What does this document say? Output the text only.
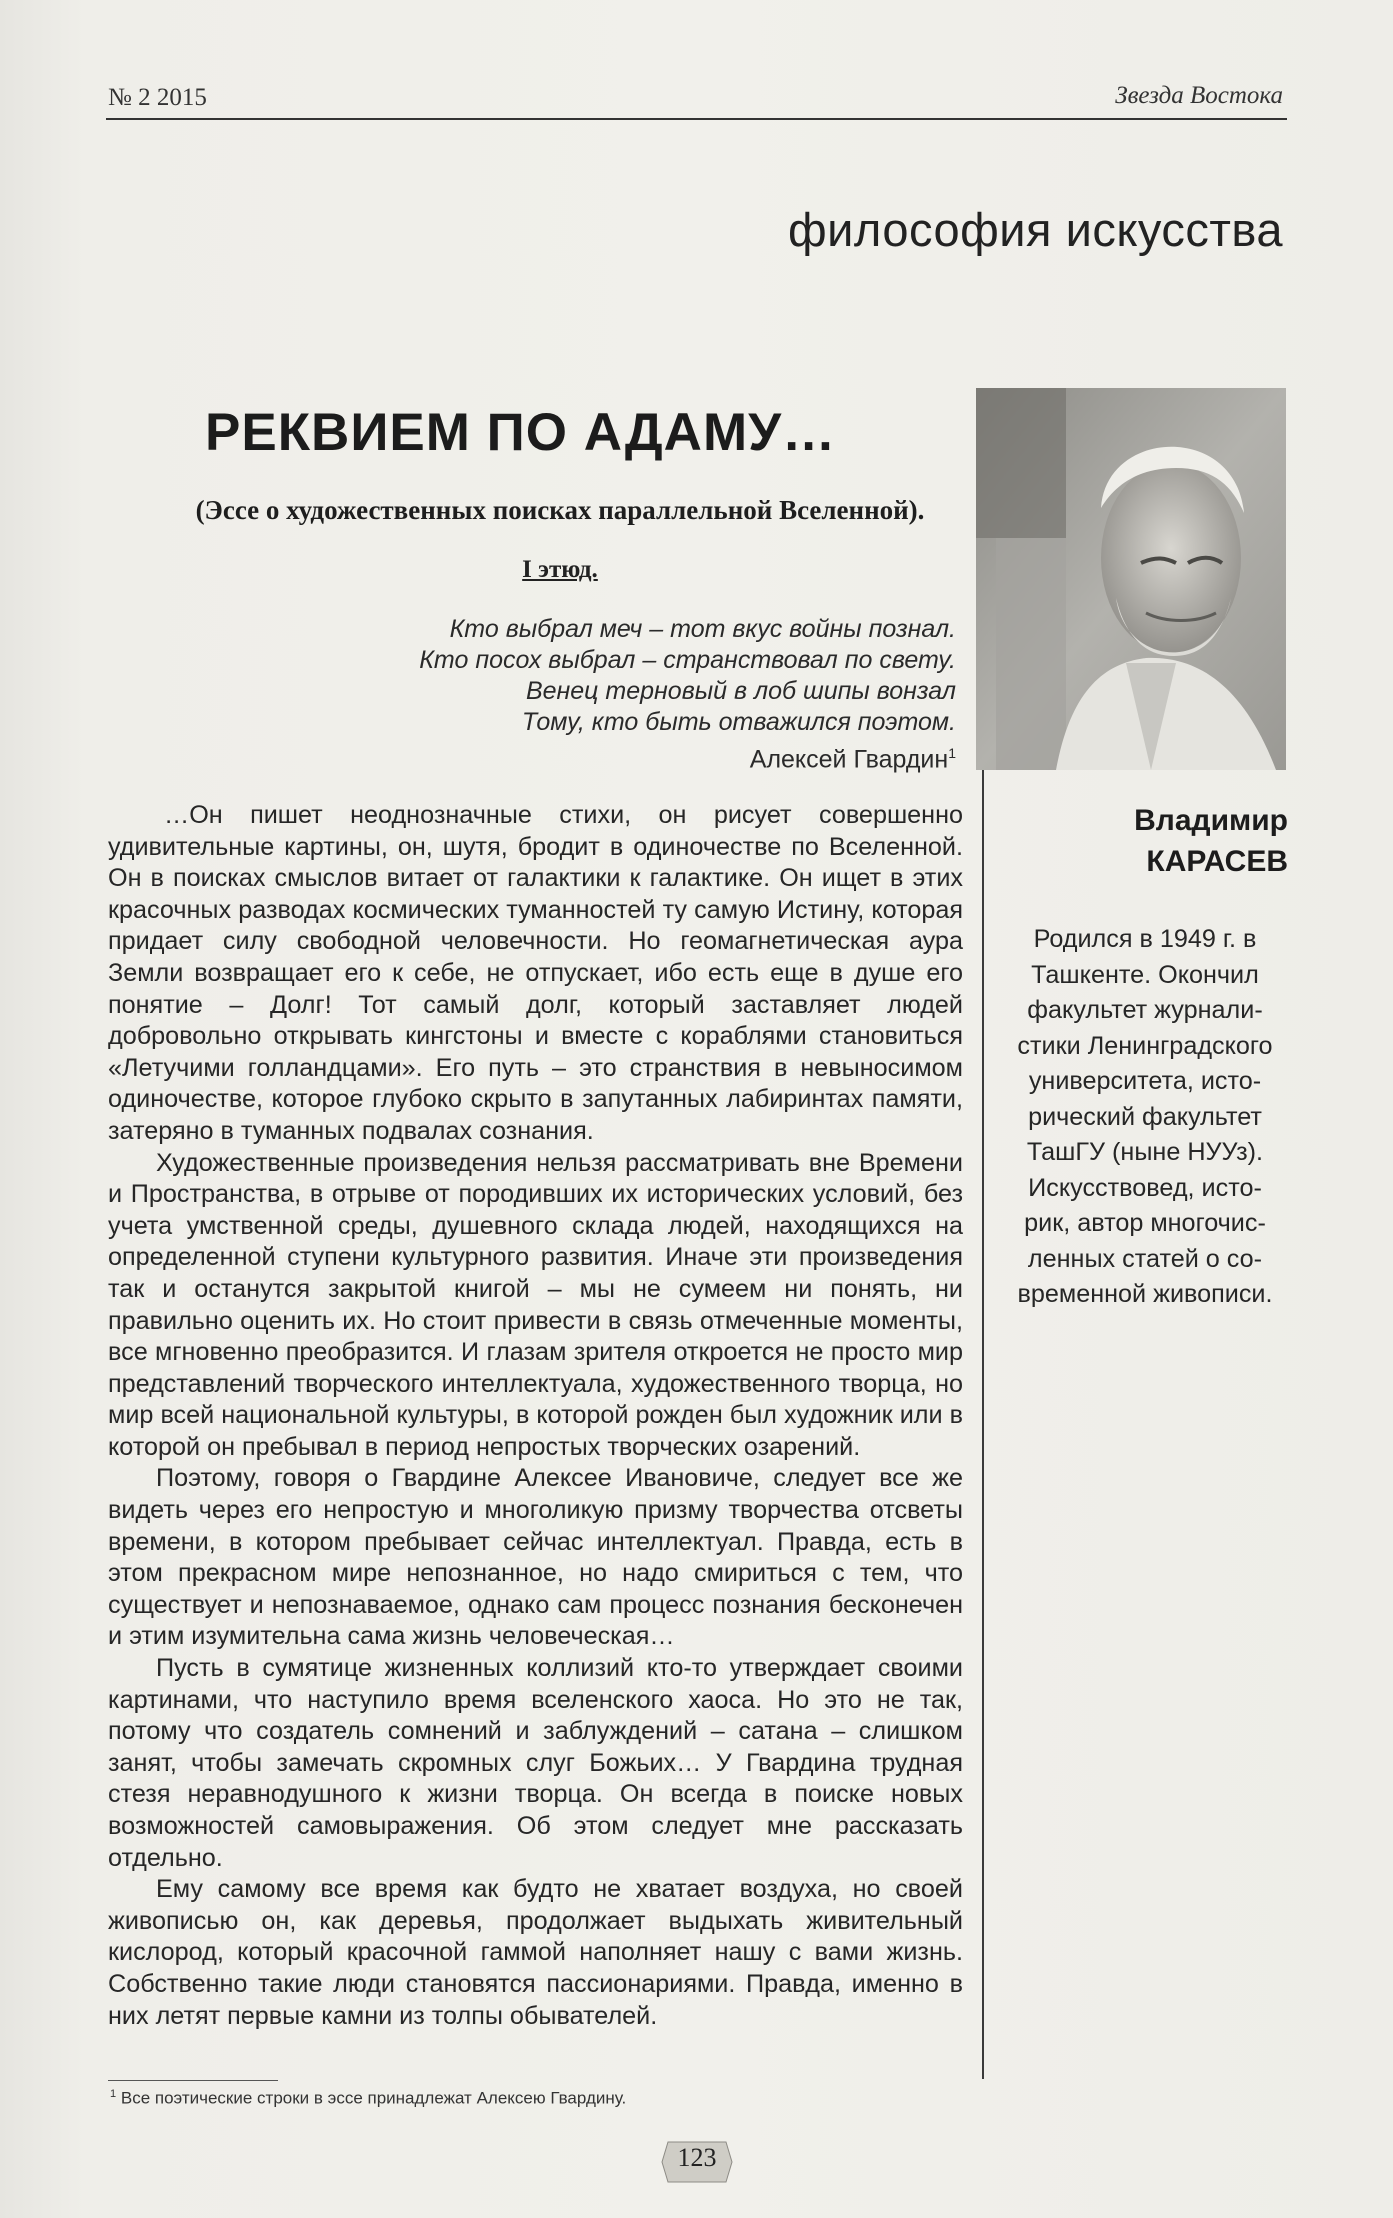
№ 2 2015	Звезда Востока
философия искусства
РЕКВИЕМ ПО АДАМУ…
(Эссе о художественных поисках параллельной Вселенной).
I этюд.
Кто выбрал меч – тот вкус войны познал.
Кто посох выбрал – странствовал по свету.
Венец терновый в лоб шипы вонзал
Тому, кто быть отважился поэтом.
Алексей Гвардин$^1$

…Он пишет неоднозначные стихи, он рисует совершенно удивительные картины, он, шутя, бродит в одиночестве по Вселенной. Он в поисках смыслов витает от галактики к галактике. Он ищет в этих красочных разводах космических туманностей ту самую Истину, которая придает силу свободной человечности. Но геомагнетическая аура Земли возвращает его к себе, не отпускает, ибо есть еще в душе его понятие – Долг! Тот самый долг, который заставляет людей добровольно открывать кингстоны и вместе с кораблями становиться «Летучими голландцами». Его путь – это странствия в невыносимом одиночестве, которое глубоко скрыто в запутанных лабиринтах памяти, затеряно в туманных подвалах сознания.

Художественные произведения нельзя рассматривать вне Времени и Пространства, в отрыве от породивших их исторических условий, без учета умственной среды, душевного склада людей, находящихся на определенной ступени культурного развития. Иначе эти произведения так и останутся закрытой книгой – мы не сумеем ни понять, ни правильно оценить их. Но стоит привести в связь отмеченные моменты, все мгновенно преобразится. И глазам зрителя откроется не просто мир представлений творческого интеллектуала, художественного творца, но мир всей национальной культуры, в которой рожден был художник или в которой он пребывал в период непростых творческих озарений.

Поэтому, говоря о Гвардине Алексее Ивановиче, следует все же видеть через его непростую и многоликую призму творчества отсветы времени, в котором пребывает сейчас интеллектуал. Правда, есть в этом прекрасном мире непознанное, но надо смириться с тем, что существует и непознаваемое, однако сам процесс познания бесконечен и этим изумительна сама жизнь человеческая…

Пусть в сумятице жизненных коллизий кто-то утверждает своими картинами, что наступило время вселенского хаоса. Но это не так, потому что создатель сомнений и заблуждений – сатана – слишком занят, чтобы замечать скромных слуг Божьих… У Гвардина трудная стезя неравнодушного к жизни творца. Он всегда в поиске новых возможностей самовыражения. Об этом следует мне рассказать отдельно.

Ему самому все время как будто не хватает воздуха, но своей живописью он, как деревья, продолжает выдыхать живительный кислород, который красочной гаммой наполняет нашу с вами жизнь. Собственно такие люди становятся пассионариями. Правда, именно в них летят первые камни из толпы обывателей.

Владимир
КАРАСЕВ
Родился в 1949 г. в
Ташкенте. Окончил
факультет журнали-
стики Ленинградского
университета, исто-
рический факультет
ТашГУ (ныне НУУз).
Искусствовед, исто-
рик, автор многочис-
ленных статей о со-
временной живописи.
$^1$ Все поэтические строки в эссе принадлежат Алексею Гвардину.
123
